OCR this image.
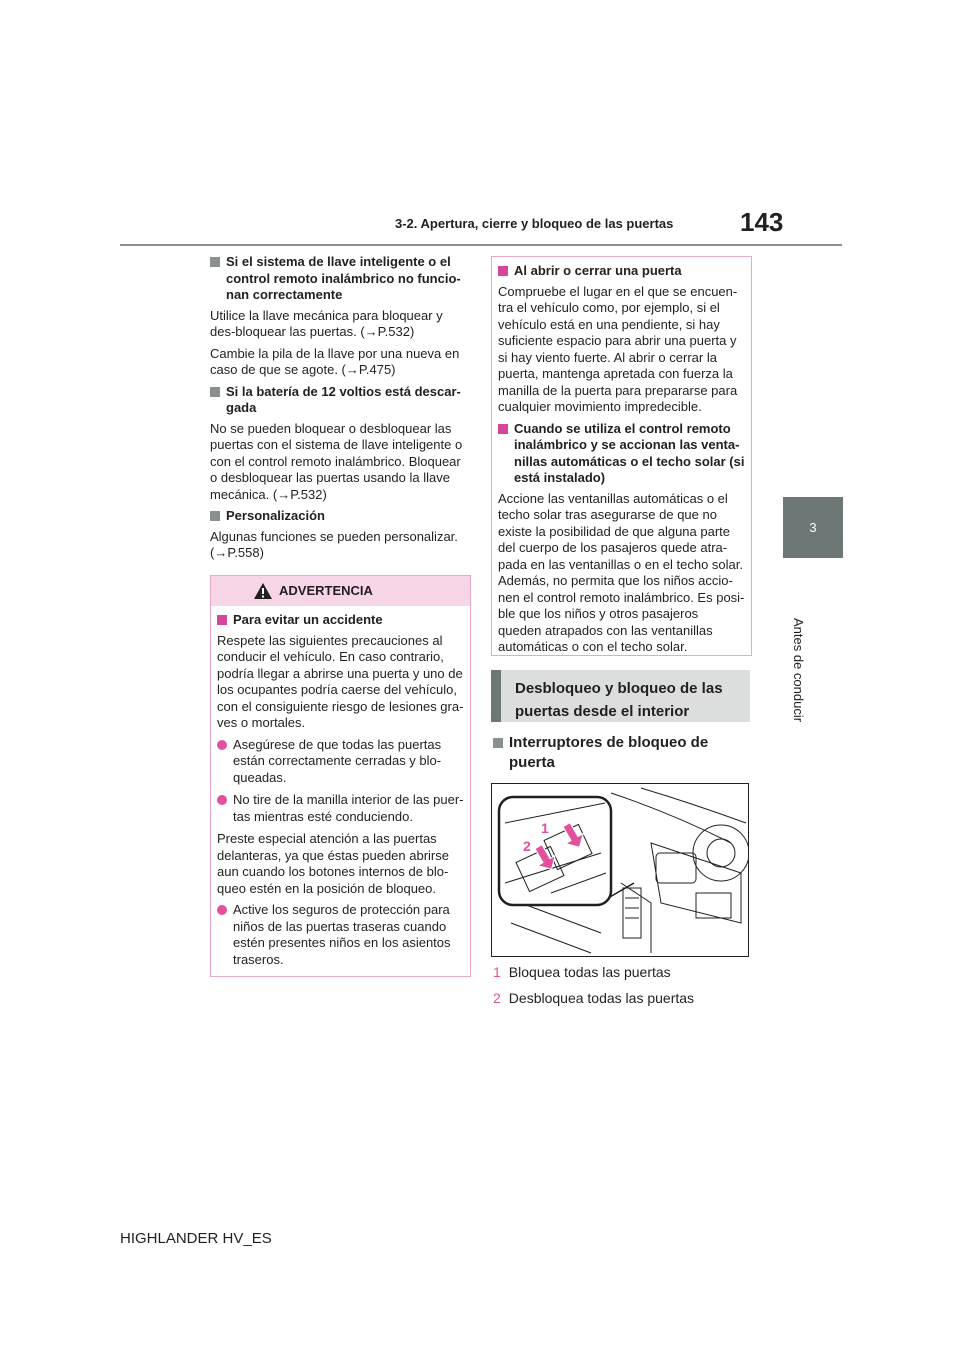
3-2. Apertura, cierre y bloqueo de las puertas	143
3
Antes de conducir
Si el sistema de llave inteligente o el control remoto inalámbrico no funcio-nan correctamente

Utilice la llave mecánica para bloquear y des-bloquear las puertas. (→P.532)

Cambie la pila de la llave por una nueva en caso de que se agote. (→P.475)

Si la batería de 12 voltios está descar-gada

No se pueden bloquear o desbloquear las puertas con el sistema de llave inteligente o con el control remoto inalámbrico. Bloquear o desbloquear las puertas usando la llave mecánica. (→P.532)

Personalización

Algunas funciones se pueden personalizar. (→P.558)

ADVERTENCIA
Para evitar un accidente

Respete las siguientes precauciones al conducir el vehículo. En caso contrario, podría llegar a abrirse una puerta y uno de los ocupantes podría caerse del vehículo, con el consiguiente riesgo de lesiones gra-ves o mortales.

Asegúrese de que todas las puertas están correctamente cerradas y blo-queadas.
No tire de la manilla interior de las puer-tas mientras esté conduciendo.

Preste especial atención a las puertas delanteras, ya que éstas pueden abrirse aun cuando los botones internos de blo-queo estén en la posición de bloqueo.

Active los seguros de protección para niños de las puertas traseras cuando estén presentes niños en los asientos traseros.
Al abrir o cerrar una puerta

Compruebe el lugar en el que se encuen-tra el vehículo como, por ejemplo, si el vehículo está en una pendiente, si hay suficiente espacio para abrir una puerta y si hay viento fuerte. Al abrir o cerrar la puerta, mantenga apretada con fuerza la manilla de la puerta para prepararse para cualquier movimiento impredecible.

Cuando se utiliza el control remoto inalámbrico y se accionan las venta-nillas automáticas o el techo solar (si está instalado)

Accione las ventanillas automáticas o el techo solar tras asegurarse de que no existe la posibilidad de que alguna parte del cuerpo de los pasajeros quede atra-pada en las ventanillas o en el techo solar. Además, no permita que los niños accio-nen el control remoto inalámbrico. Es posi-ble que los niños y otros pasajeros queden atrapados con las ventanillas automáticas o con el techo solar.

Desbloqueo y bloqueo de las puertas desde el interior
Interruptores de bloqueo de puerta
1
2

1 Bloquea todas las puertas

2 Desbloquea todas las puertas

HIGHLANDER HV_ES
